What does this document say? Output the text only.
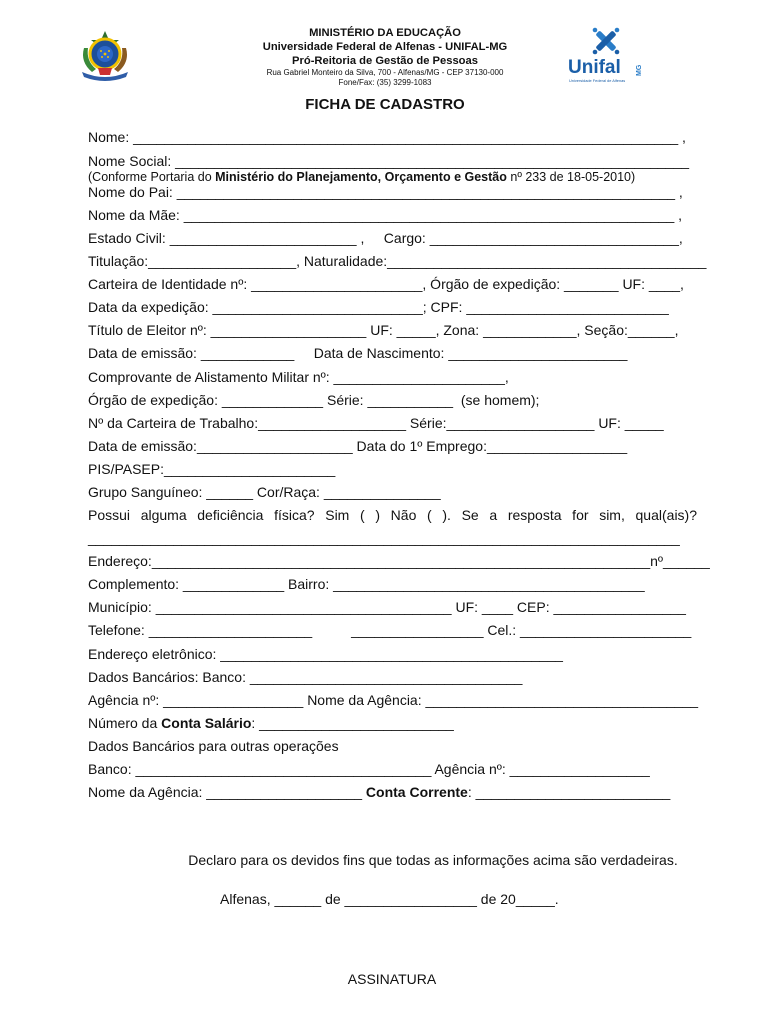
MINISTÉRIO DA EDUCAÇÃO
Universidade Federal de Alfenas - UNIFAL-MG
Pró-Reitoria de Gestão de Pessoas
Rua Gabriel Monteiro da Silva, 700 - Alfenas/MG - CEP 37130-000
Fone/Fax: (35) 3299-1083
Unifal MG
Universidade Federal de Alfenas
FICHA DE CADASTRO
Nome: ______________________________________________________________________ ,
Nome Social: __________________________________________________________________
(Conforme Portaria do Ministério do Planejamento, Orçamento e Gestão nº 233 de 18-05-2010)
Nome do Pai: ________________________________________________________________ ,
Nome da Mãe: _______________________________________________________________ ,
Estado Civil: ________________________ ,     Cargo: ________________________________,
Titulação:___________________, Naturalidade:_________________________________________
Carteira de Identidade nº: ______________________, Órgão de expedição: _______ UF: ____,
Data da expedição: ___________________________; CPF: __________________________
Título de Eleitor nº: ____________________ UF: _____, Zona: ____________, Seção:______,
Data de emissão: ____________     Data de Nascimento: _______________________
Comprovante de Alistamento Militar nº: ______________________,
Órgão de expedição: _____________ Série: ___________  (se homem);
Nº da Carteira de Trabalho:___________________ Série:___________________ UF: _____
Data de emissão:____________________ Data do 1º Emprego:__________________
PIS/PASEP:______________________
Grupo Sanguíneo: ______ Cor/Raça: _______________
Possui alguma deficiência física? Sim ( ) Não ( ). Se a resposta for sim, qual(ais)?
____________________________________________________________________________
Endereço:________________________________________________________________nº______
Complemento: _____________ Bairro: ________________________________________
Município: ______________________________________ UF: ____ CEP: _________________
Telefone: _____________________          _________________ Cel.: ______________________
Endereço eletrônico: ____________________________________________
Dados Bancários: Banco: ___________________________________
Agência nº: __________________ Nome da Agência: ___________________________________
Número da Conta Salário: _________________________
Dados Bancários para outras operações
Banco: ______________________________________ Agência nº: __________________
Nome da Agência: ____________________ Conta Corrente: _________________________
Declaro para os devidos fins que todas as informações acima são verdadeiras.
Alfenas, ______ de _________________ de 20_____.
ASSINATURA
